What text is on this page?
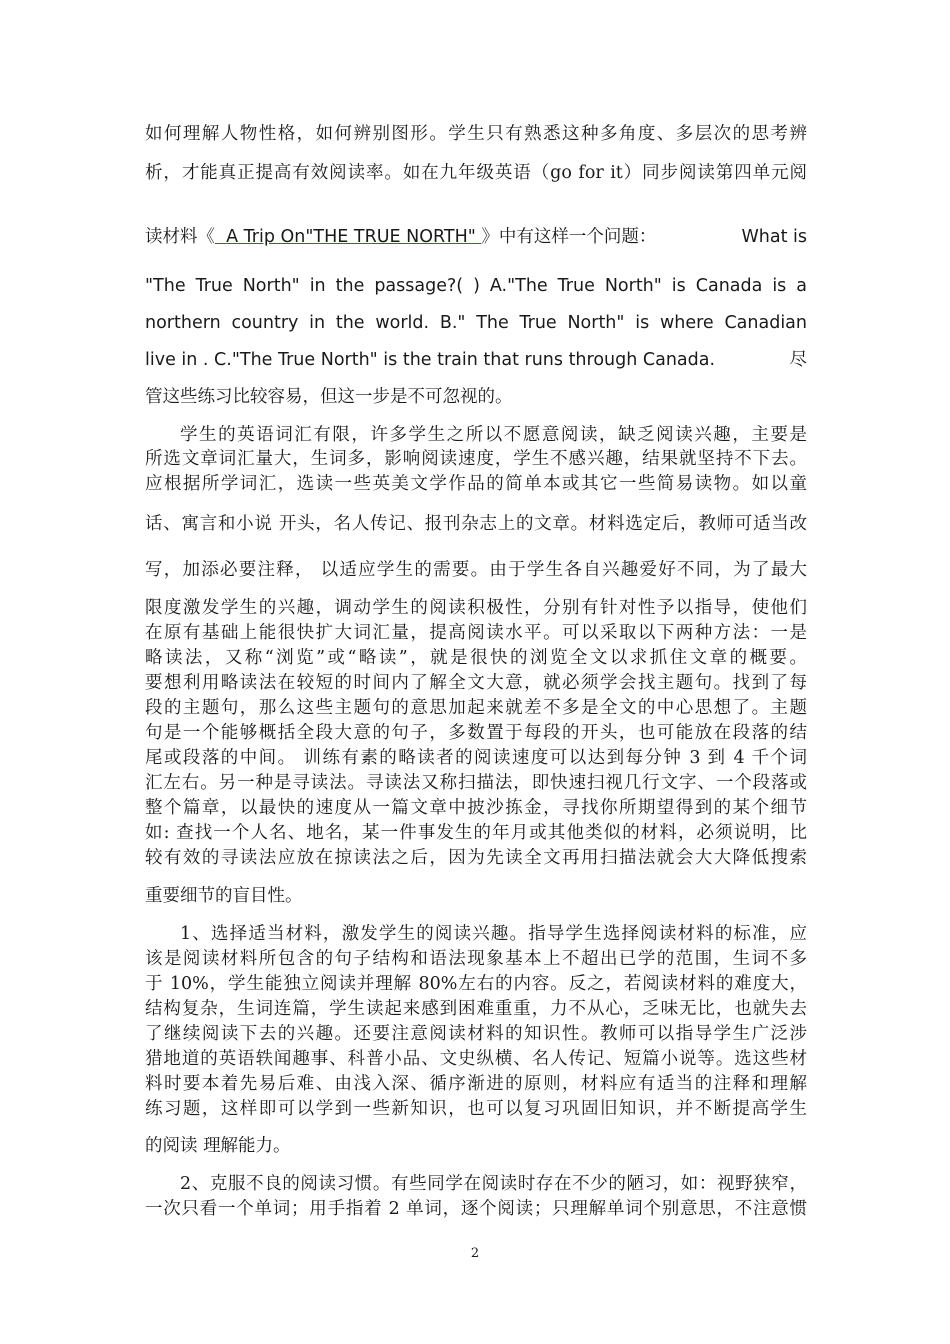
如何理解人物性格，如何辨别图形。学生只有熟悉这种多角度、多层次的思考辨
析，才能真正提高有效阅读率。如在九年级英语（go for it）同步阅读第四单元阅
读材料《 A Trip On"THE TRUE NORTH" 》中有这样一个问题：	What is
"The True North" in the passage?( ) A."The True North" is Canada is a
northern country in the world. B." The True North" is where Canadian
live in . C."The True North" is the train that runs through Canada.	尽
管这些练习比较容易，但这一步是不可忽视的。
学生的英语词汇有限，许多学生之所以不愿意阅读，缺乏阅读兴趣，主要是
所选文章词汇量大，生词多，影响阅读速度，学生不感兴趣，结果就坚持不下去。
应根据所学词汇，选读一些英美文学作品的简单本或其它一些简易读物。如以童
话、寓言和小说 开头，名人传记、报刊杂志上的文章。材料选定后，教师可适当改
写，加添必要注释， 以适应学生的需要。由于学生各自兴趣爱好不同，为了最大
限度激发学生的兴趣，调动学生的阅读积极性，分别有针对性予以指导，使他们
在原有基础上能很快扩大词汇量，提高阅读水平。可以采取以下两种方法：一是
略读法，又称“浏览”或“略读”，就是很快的浏览全文以求抓住文章的概要。
要想利用略读法在较短的时间内了解全文大意，就必须学会找主题句。找到了每
段的主题句，那么这些主题句的意思加起来就差不多是全文的中心思想了。主题
句是一个能够概括全段大意的句子，多数置于每段的开头，也可能放在段落的结
尾或段落的中间。 训练有素的略读者的阅读速度可以达到每分钟 3 到 4 千个词
汇左右。另一种是寻读法。寻读法又称扫描法，即快速扫视几行文字、一个段落或
整个篇章，以最快的速度从一篇文章中披沙拣金，寻找你所期望得到的某个细节
如: 查找一个人名、地名，某一件事发生的年月或其他类似的材料，必须说明，比
较有效的寻读法应放在掠读法之后，因为先读全文再用扫描法就会大大降低搜索
重要细节的盲目性。
1、选择适当材料，激发学生的阅读兴趣。指导学生选择阅读材料的标准，应
该是阅读材料所包含的句子结构和语法现象基本上不超出已学的范围，生词不多
于 10%，学生能独立阅读并理解 80%左右的内容。反之，若阅读材料的难度大，
结构复杂，生词连篇，学生读起来感到困难重重，力不从心，乏味无比，也就失去
了继续阅读下去的兴趣。还要注意阅读材料的知识性。教师可以指导学生广泛涉
猎地道的英语轶闻趣事、科普小品、文史纵横、名人传记、短篇小说等。选这些材
料时要本着先易后难、由浅入深、循序渐进的原则，材料应有适当的注释和理解
练习题，这样即可以学到一些新知识，也可以复习巩固旧知识，并不断提高学生
的阅读 理解能力。
2、克服不良的阅读习惯。有些同学在阅读时存在不少的陋习，如：视野狭窄，
一次只看一个单词；用手指着 2 单词，逐个阅读；只理解单词个别意思，不注意惯
2
